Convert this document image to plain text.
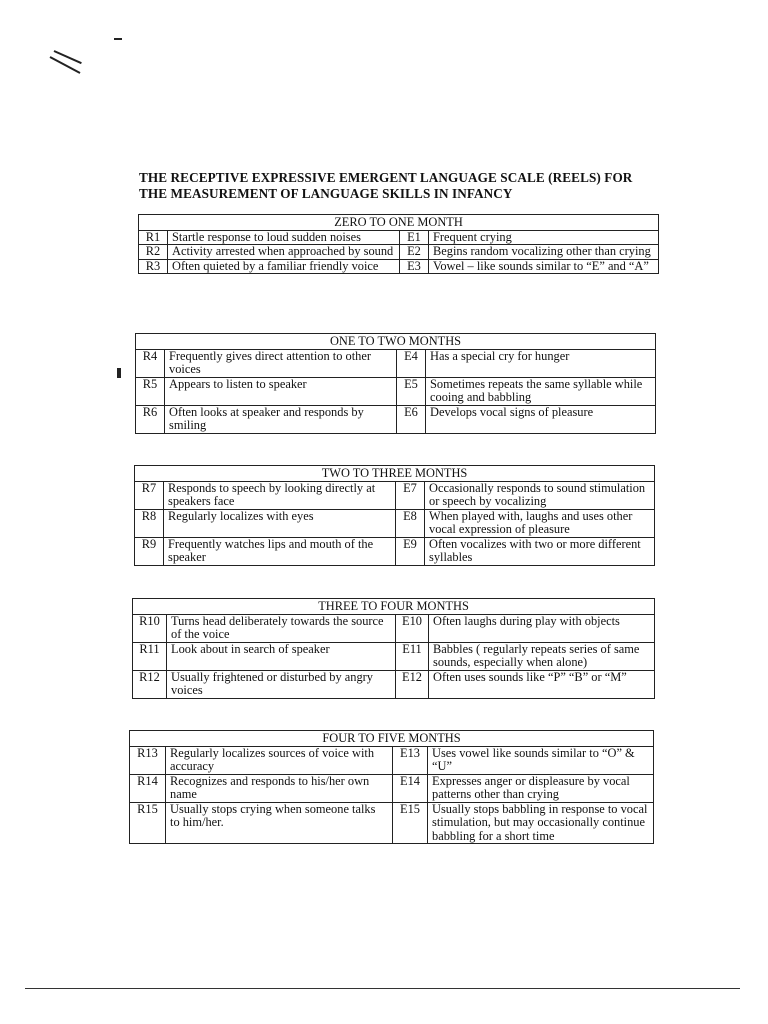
THE RECEPTIVE EXPRESSIVE EMERGENT LANGUAGE SCALE (REELS) FOR
THE MEASUREMENT OF LANGUAGE SKILLS IN INFANCY
ZERO TO ONE MONTH			
R1	Startle response to loud sudden noises	E1	Frequent crying
R2	Activity arrested when approached by sound	E2	Begins random vocalizing other than crying
R3	Often quieted by a familiar friendly voice	E3	Vowel – like sounds similar to “E” and “A”
ONE TO TWO MONTHS			
R4	Frequently gives direct attention to other voices	E4	Has a special cry for hunger
R5	Appears to listen to speaker	E5	Sometimes repeats the same syllable while cooing and babbling
R6	Often looks at speaker and responds by smiling	E6	Develops vocal signs of pleasure
TWO TO THREE MONTHS			
R7	Responds to speech by looking directly at speakers face	E7	Occasionally responds to sound stimulation or speech by vocalizing
R8	Regularly localizes with eyes	E8	When played with, laughs and uses other vocal expression of pleasure
R9	Frequently watches lips and mouth of the speaker	E9	Often vocalizes with two or more different syllables
THREE TO FOUR MONTHS			
R10	Turns head deliberately towards the source of the voice	E10	Often laughs during play with objects
R11	Look about in search of speaker	E11	Babbles ( regularly repeats series of same sounds, especially when alone)
R12	Usually frightened or disturbed by angry voices	E12	Often uses sounds like “P” “B” or “M”
FOUR TO FIVE MONTHS			
R13	Regularly localizes sources of voice with accuracy	E13	Uses vowel like sounds similar to “O” & “U”
R14	Recognizes and responds to his/her own name	E14	Expresses anger or displeasure by vocal patterns other than crying
R15	Usually stops crying when someone talks to him/her.	E15	Usually stops babbling in response to vocal stimulation, but may occasionally continue babbling for a short time
